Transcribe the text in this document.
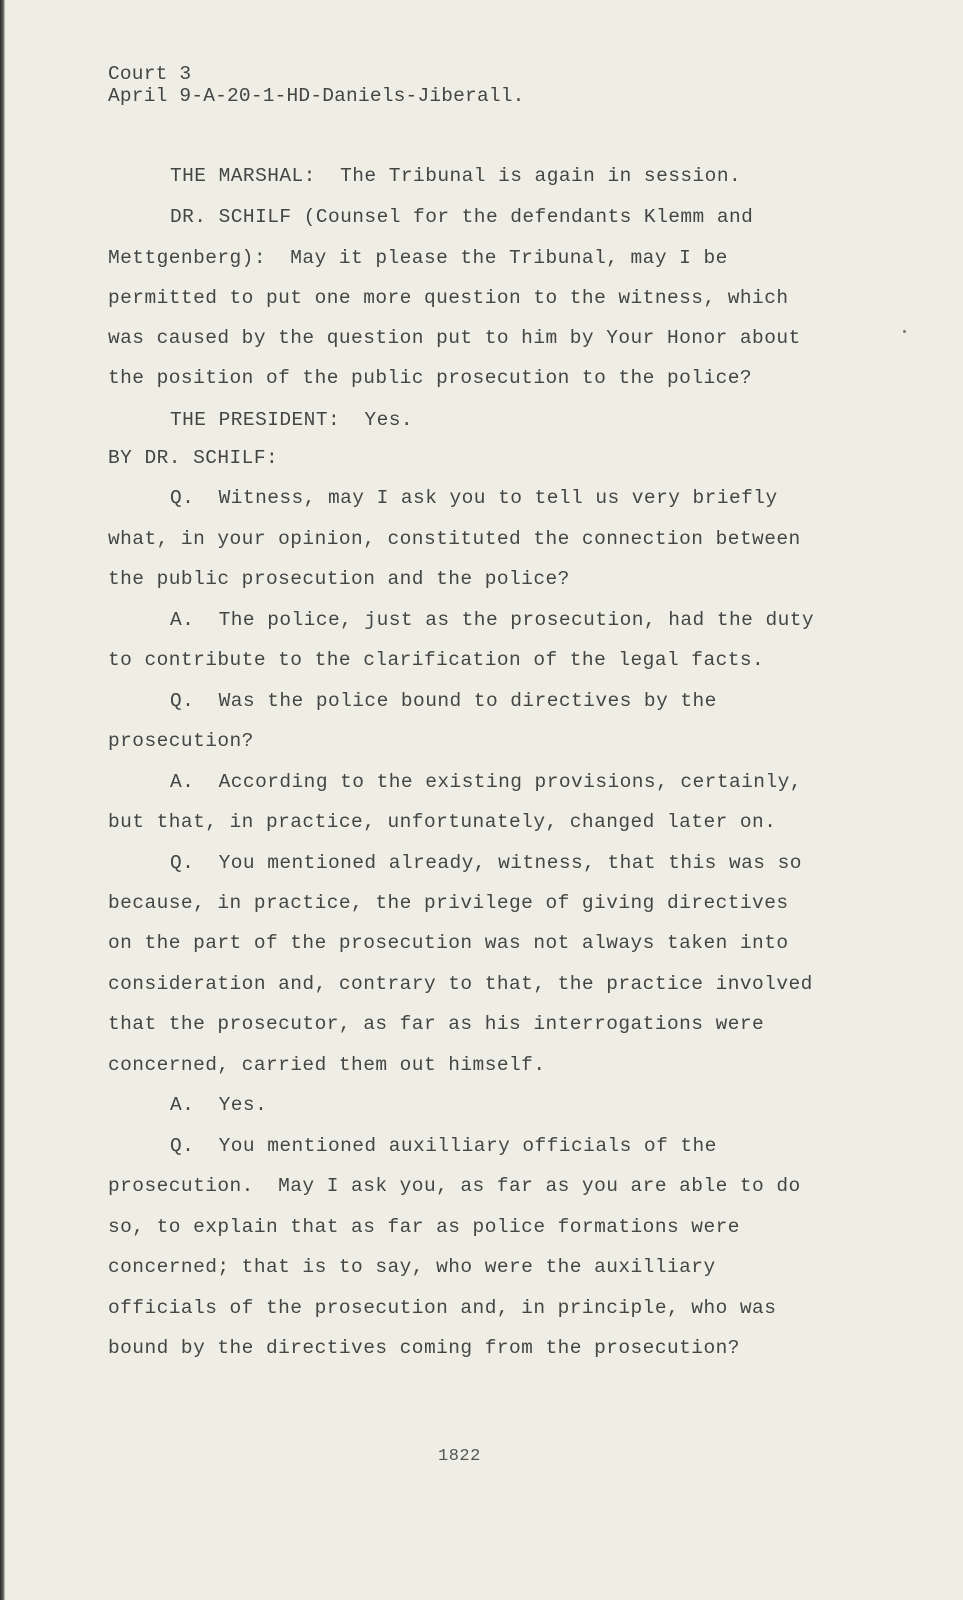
Court 3
April 9-A-20-1-HD-Daniels-Jiberall.
THE MARSHAL:  The Tribunal is again in session.
DR. SCHILF (Counsel for the defendants Klemm and
Mettgenberg):  May it please the Tribunal, may I be
permitted to put one more question to the witness, which
was caused by the question put to him by Your Honor about
the position of the public prosecution to the police?
THE PRESIDENT:  Yes.
BY DR. SCHILF:
Q.  Witness, may I ask you to tell us very briefly
what, in your opinion, constituted the connection between
the public prosecution and the police?
A.  The police, just as the prosecution, had the duty
to contribute to the clarification of the legal facts.
Q.  Was the police bound to directives by the
prosecution?
A.  According to the existing provisions, certainly,
but that, in practice, unfortunately, changed later on.
Q.  You mentioned already, witness, that this was so
because, in practice, the privilege of giving directives
on the part of the prosecution was not always taken into
consideration and, contrary to that, the practice involved
that the prosecutor, as far as his interrogations were
concerned, carried them out himself.
A.  Yes.
Q.  You mentioned auxilliary officials of the
prosecution.  May I ask you, as far as you are able to do
so, to explain that as far as police formations were
concerned; that is to say, who were the auxilliary
officials of the prosecution and, in principle, who was
bound by the directives coming from the prosecution?
1822
